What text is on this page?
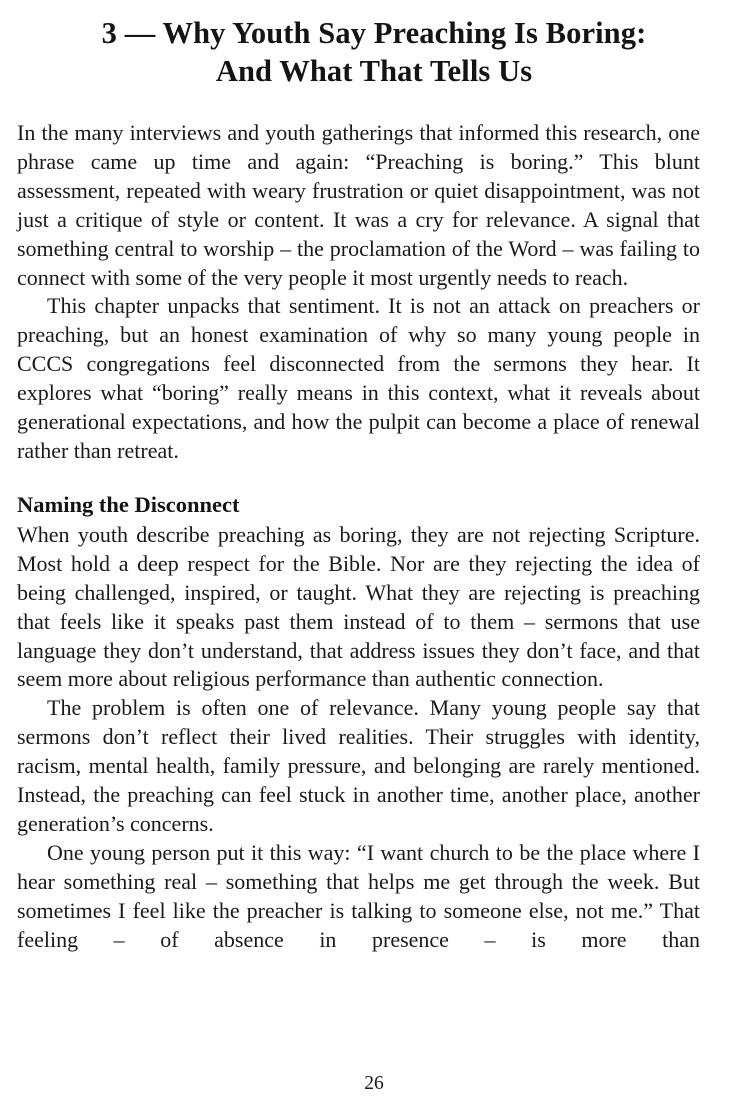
3 — Why Youth Say Preaching Is Boring:
And What That Tells Us

In the many interviews and youth gatherings that informed this research, one phrase came up time and again: “Preaching is boring.” This blunt assessment, repeated with weary frustration or quiet disappointment, was not just a critique of style or content. It was a cry for relevance. A signal that something central to worship – the proclamation of the Word – was failing to connect with some of the very people it most urgently needs to reach.

This chapter unpacks that sentiment. It is not an attack on preachers or preaching, but an honest examination of why so many young people in CCCS congregations feel disconnected from the sermons they hear. It explores what “boring” really means in this context, what it reveals about generational expectations, and how the pulpit can become a place of renewal rather than retreat.

Naming the Disconnect

When youth describe preaching as boring, they are not rejecting Scripture. Most hold a deep respect for the Bible. Nor are they rejecting the idea of being challenged, inspired, or taught. What they are rejecting is preaching that feels like it speaks past them instead of to them – sermons that use language they don’t understand, that address issues they don’t face, and that seem more about religious performance than authentic connection.

The problem is often one of relevance. Many young people say that sermons don’t reflect their lived realities. Their struggles with identity, racism, mental health, family pressure, and belonging are rarely mentioned. Instead, the preaching can feel stuck in another time, another place, another generation’s concerns.

One young person put it this way: “I want church to be the place where I hear something real – something that helps me get through the week. But sometimes I feel like the preacher is talking to someone else, not me.” That feeling – of absence in presence – is more than

26
